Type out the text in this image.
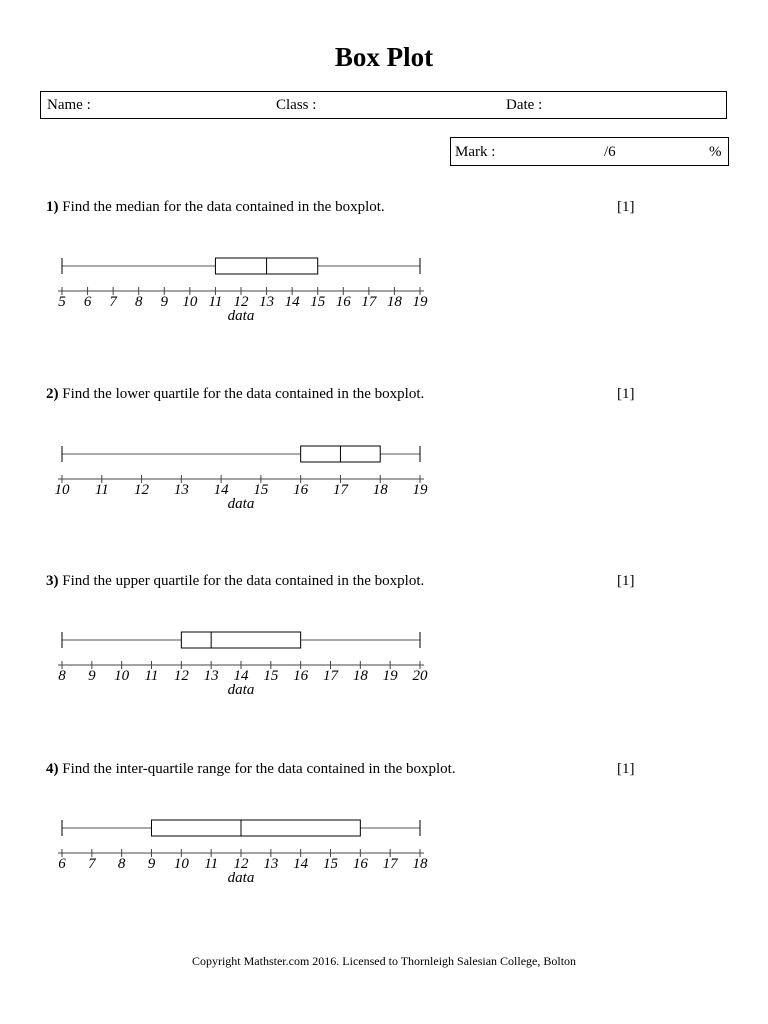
Box Plot
Name :	Class :	Date :
Mark :	/6	%
1) Find the median for the data contained in the boxplot.	[1]
5 6 7 8 9 10 11 12 13 14 15 16 17 18 19
data
2) Find the lower quartile for the data contained in the boxplot.	[1]
10 11 12 13 14 15 16 17 18 19
data
3) Find the upper quartile for the data contained in the boxplot.	[1]
8 9 10 11 12 13 14 15 16 17 18 19 20
data
4) Find the inter-quartile range for the data contained in the boxplot.	[1]
6 7 8 9 10 11 12 13 14 15 16 17 18
data
Copyright Mathster.com 2016. Licensed to Thornleigh Salesian College, Bolton
